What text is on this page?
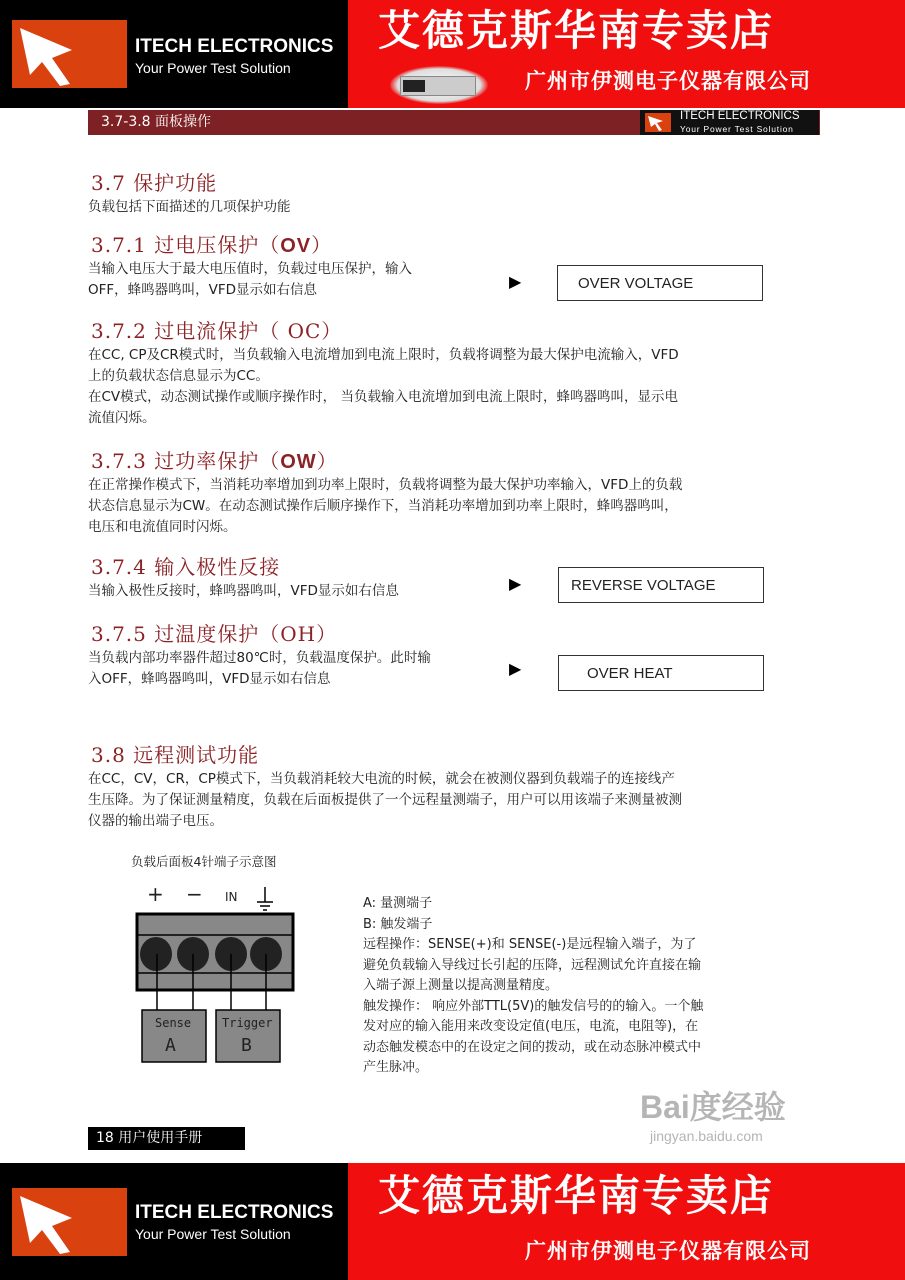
ITECH ELECTRONICS
Your Power Test Solution
艾德克斯华南专卖店
广州市伊测电子仪器有限公司
3.7-3.8 面板操作	ITECH ELECTRONICS
Your Power Test Solution
3.7 保护功能
负载包括下面描述的几项保护功能
3.7.1 过电压保护（OV）
当输入电压大于最大电压值时，负载过电压保护，输入
OFF，蜂鸣器鸣叫，VFD显示如右信息	▶	OVER VOLTAGE
3.7.2 过电流保护（ OC）
在CC, CP及CR模式时，当负载输入电流增加到电流上限时，负载将调整为最大保护电流输入，VFD
上的负载状态信息显示为CC。
在CV模式，动态测试操作或顺序操作时， 当负载输入电流增加到电流上限时，蜂鸣器鸣叫，显示电
流值闪烁。
3.7.3 过功率保护（OW）
在正常操作模式下，当消耗功率增加到功率上限时，负载将调整为最大保护功率输入，VFD上的负载
状态信息显示为CW。在动态测试操作后顺序操作下，当消耗功率增加到功率上限时，蜂鸣器鸣叫，
电压和电流值同时闪烁。
3.7.4 输入极性反接
当输入极性反接时，蜂鸣器鸣叫，VFD显示如右信息	▶	REVERSE VOLTAGE
3.7.5 过温度保护（OH）
当负载内部功率器件超过80℃时，负载温度保护。此时输
入OFF，蜂鸣器鸣叫，VFD显示如右信息
▶	OVER HEAT
3.8 远程测试功能
在CC，CV，CR，CP模式下，当负载消耗较大电流的时候，就会在被测仪器到负载端子的连接线产
生压降。为了保证测量精度，负载在后面板提供了一个远程量测端子，用户可以用该端子来测量被测
仪器的输出端子电压。
负载后面板4针端子示意图
+ − IN
Sense
A
Trigger
B
A: 量测端子
B: 触发端子
远程操作：SENSE(+)和 SENSE(-)是远程输入端子，为了
避免负载输入导线过长引起的压降，远程测试允许直接在输
入端子源上测量以提高测量精度。
触发操作： 响应外部TTL(5V)的触发信号的的输入。一个触
发对应的输入能用来改变设定值(电压，电流，电阻等)，在
动态触发模态中的在设定之间的拨动，或在动态脉冲模式中
产生脉冲。
18 用户使用手册
Bai度经验
jingyan.baidu.com
ITECH ELECTRONICS
Your Power Test Solution
艾德克斯华南专卖店
广州市伊测电子仪器有限公司
